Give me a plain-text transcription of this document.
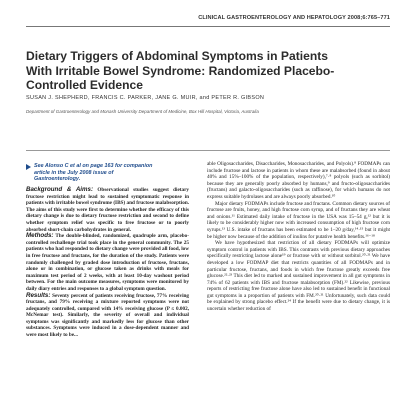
CLINICAL GASTROENTEROLOGY AND HEPATOLOGY 2008;6:765–771
Dietary Triggers of Abdominal Symptoms in Patients With Irritable Bowel Syndrome: Randomized Placebo-Controlled Evidence
SUSAN J. SHEPHERD, FRANCIS C. PARKER, JANE G. MUIR, and PETER R. GIBSON
Department of Gastroenterology and Monash University Department of Medicine, Box Hill Hospital, Victoria, Australia
See Alonso C et al on page 163 for companion article in the July 2008 issue of Gastroenterology.

Background & Aims: Observational studies suggest dietary fructose restriction might lead to sustained symptomatic response in patients with irritable bowel syndrome (IBS) and fructose malabsorption. The aims of this study were first to determine whether the efficacy of this dietary change is due to dietary fructose restriction and second to define whether symptom relief was specific to free fructose or to poorly absorbed short-chain carbohydrates in general.

Methods: The double-blinded, randomized, quadruple arm, placebo-controlled rechallenge trial took place in the general community. The 25 patients who had responded to dietary change were provided all food, low in free fructose and fructans, for the duration of the study. Patients were randomly challenged by graded dose introduction of fructose, fructans, alone or in combination, or glucose taken as drinks with meals for maximum test period of 2 weeks, with at least 10-day washout period between. For the main outcome measures, symptoms were monitored by daily diary entries and responses to a global symptom question.

Results: Seventy percent of patients receiving fructose, 77% receiving fructans, and 79% receiving a mixture reported symptoms were not adequately controlled, compared with 14% receiving glucose (P ≤ 0.002, McNemar test). Similarly, the severity of overall and individual symptoms was significantly and markedly less for glucose than other substances. Symptoms were induced in a dose-dependent manner and were most likely to be...

able Oligosaccharides, Disaccharides, Monosaccharides, and Polyols).⁸ FODMAPs can include fructose and lactose in patients in whom these are malabsorbed (found in about 40% and 15%–100% of the population, respectively),⁷·⁸ polyols (such as sorbitol) because they are generally poorly absorbed by humans,⁹ and fructo-oligosaccharides (fructans) and galacto-oligosaccharides (such as raffinose), for which humans do not express suitable hydrolases and are always poorly absorbed.¹⁰

Major dietary FODMAPs include fructose and fructans. Common dietary sources of fructose are fruits, honey, and high fructose corn syrup, and of fructans they are wheat and onions.¹¹ Estimated daily intake of fructose in the USA was 15–54 g,¹² but it is likely to be considerably higher now with increased consumption of high fructose corn syrups.¹³ U.S. intake of fructans has been estimated to be 1–20 g/day,¹⁴·¹⁵ but it might be higher now because of the addition of inulins for putative health benefits.¹⁶⁻¹⁸

We have hypothesized that restriction of all dietary FODMAPs will optimize symptom control in patients with IBS. This contrasts with previous dietary approaches specifically restricting lactose alone¹⁹ or fructose with or without sorbitol.²⁰·²¹ We have developed a low FODMAP diet that restricts quantities of all FODMAPs and in particular fructose, fructans, and foods in which free fructose greatly exceeds free glucose.²²·²³ This diet led to marked and sustained improvement in all gut symptoms in 74% of 62 patients with IBS and fructose malabsorption (FM).²² Likewise, previous reports of restricting free fructose alone have also led to sustained benefit in functional gut symptoms in a proportion of patients with FM.²⁰·²¹ Unfortunately, such data could be explained by strong placebo effect.²⁴ If the benefit were due to dietary change, it is uncertain whether reduction of
